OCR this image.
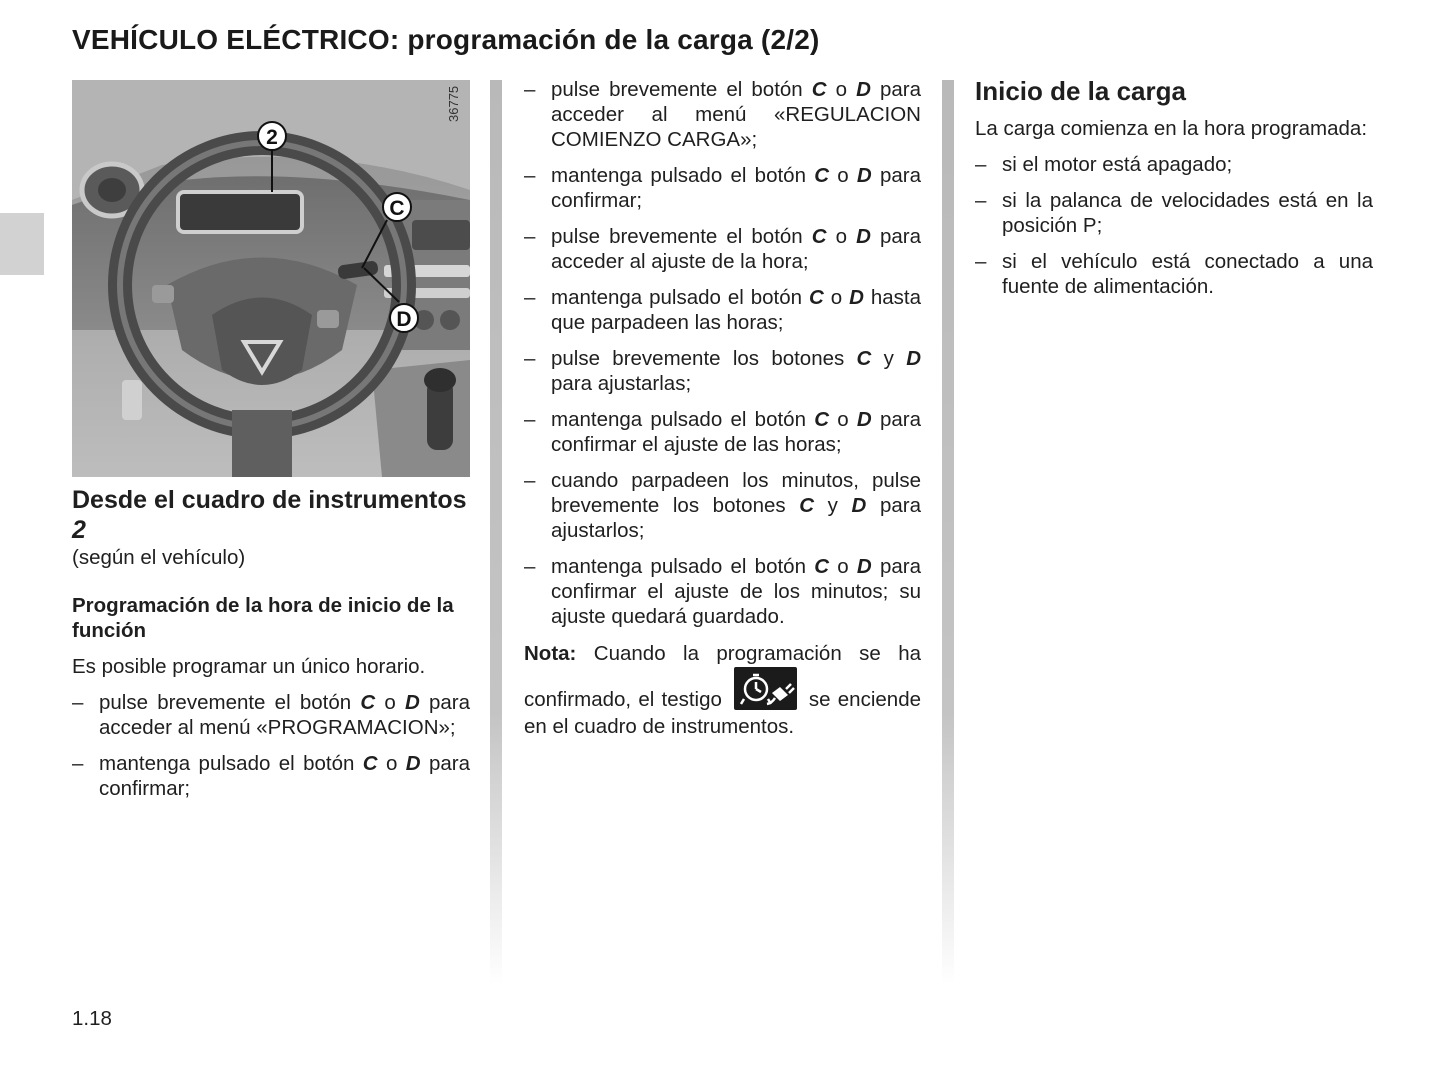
VEHÍCULO ELÉCTRICO: programación de la carga (2/2)
36775
2
C
D
Desde el cuadro de instrumentos 2
(según el vehículo)
Programación de la hora de inicio de la función

Es posible programar un único horario.

– pulse brevemente el botón C o D para acceder al menú «PROGRAMACION»;
– mantenga pulsado el botón C o D para confirmar;
– pulse brevemente el botón C o D para acceder al menú «REGULACION COMIENZO CARGA»;
– mantenga pulsado el botón C o D para confirmar;
– pulse brevemente el botón C o D para acceder al ajuste de la hora;
– mantenga pulsado el botón C o D hasta que parpadeen las horas;
– pulse brevemente los botones C y D para ajustarlas;
– mantenga pulsado el botón C o D para confirmar el ajuste de las horas;
– cuando parpadeen los minutos, pulse brevemente los botones C y D para ajustarlos;
– mantenga pulsado el botón C o D para confirmar el ajuste de los minutos; su ajuste quedará guardado.

Nota: Cuando la programación se ha confirmado, el testigo	se enciende en el cuadro de instrumentos.

Inicio de la carga

La carga comienza en la hora programada:

– si el motor está apagado;
– si la palanca de velocidades está en la posición P;
– si el vehículo está conectado a una fuente de alimentación.
1.18
